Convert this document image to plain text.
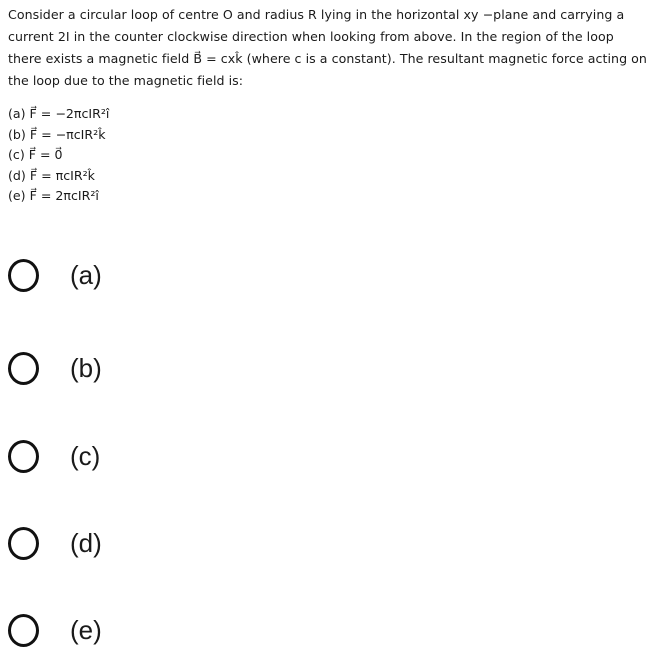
Consider a circular loop of centre O and radius R lying in the horizontal xy −plane and carrying a
current 2I in the counter clockwise direction when looking from above. In the region of the loop
there exists a magnetic field B⃗ = cxk̂ (where c is a constant). The resultant magnetic force acting on
the loop due to the magnetic field is:
(a) F⃗ = −2πcIR²î
(b) F⃗ = −πcIR²k̂
(c) F⃗ = 0⃗
(d) F⃗ = πcIR²k̂
(e) F⃗ = 2πcIR²î
(a)
(b)
(c)
(d)
(e)
